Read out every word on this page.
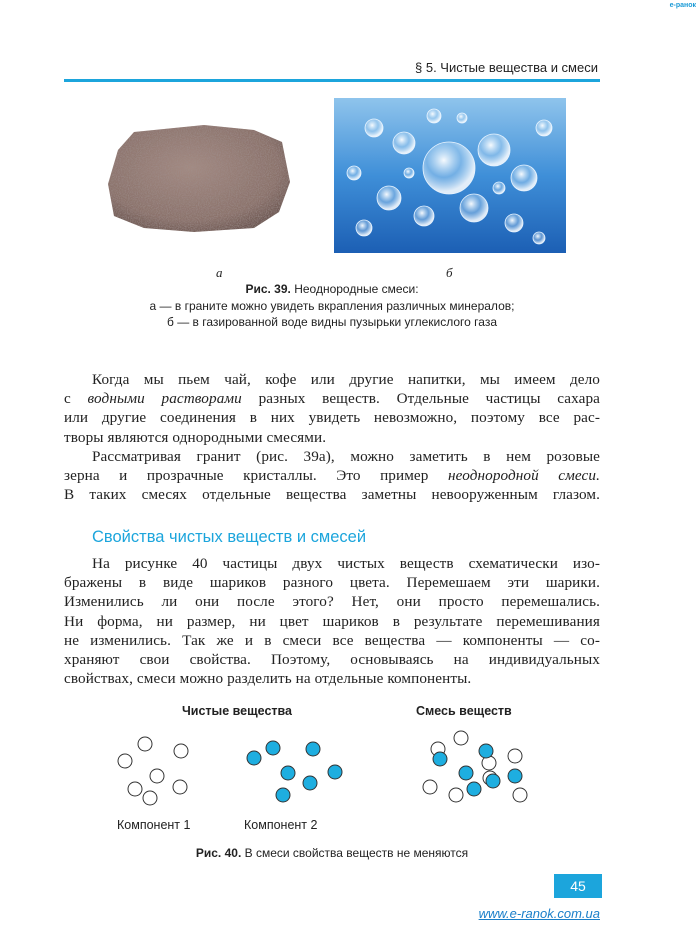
e-ранок
§ 5. Чистые вещества и смеси
а	б
Рис. 39. Неоднородные смеси:
а — в граните можно увидеть вкрапления различных минералов;
б — в газированной воде видны пузырьки углекислого газа
Когда мы пьем чай, кофе или другие напитки, мы имеем дело
с водными растворами разных веществ. Отдельные частицы сахара
или другие соединения в них увидеть невозможно, поэтому все рас-
творы являются однородными смесями.
Рассматривая гранит (рис. 39а), можно заметить в нем розовые
зерна и прозрачные кристаллы. Это пример неоднородной смеси.
В таких смесях отдельные вещества заметны невооруженным глазом.
Свойства чистых веществ и смесей
На рисунке 40 частицы двух чистых веществ схематически изо-
бражены в виде шариков разного цвета. Перемешаем эти шарики.
Изменились ли они после этого? Нет, они просто перемешались.
Ни форма, ни размер, ни цвет шариков в результате перемешивания
не изменились. Так же и в смеси все вещества — компоненты — со-
храняют свои свойства. Поэтому, основываясь на индивидуальных
свойствах, смеси можно разделить на отдельные компоненты.
Чистые вещества	Смесь веществ
Компонент 1	Компонент 2
Рис. 40. В смеси свойства веществ не меняются
45
www.e-ranok.com.ua
